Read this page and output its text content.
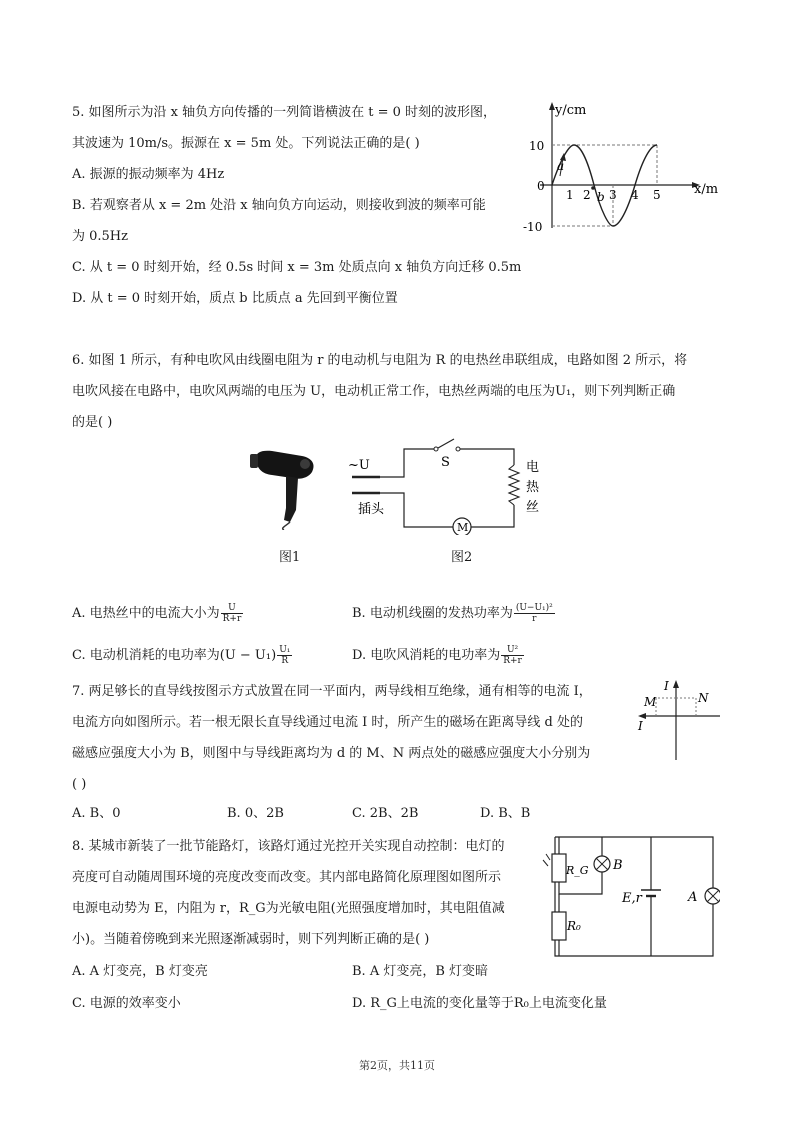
5. 如图所示为沿 x 轴负方向传播的一列简谐横波在 t = 0 时刻的波形图，
其波速为 10m/s。振源在 x = 5m 处。下列说法正确的是( )
A. 振源的振动频率为 4Hz
B. 若观察者从 x = 2m 处沿 x 轴向负方向运动，则接收到波的频率可能
为 0.5Hz
C. 从 t = 0 时刻开始，经 0.5s 时间 x = 3m 处质点向 x 轴负方向迁移 0.5m
D. 从 t = 0 时刻开始，质点 b 比质点 a 先回到平衡位置
y/cm
x/m
10
-10
0
1 2 3 4 5
a
b
6. 如图 1 所示，有种电吹风由线圈电阻为 r 的电动机与电阻为 R 的电热丝串联组成，电路如图 2 所示，将
电吹风接在电路中，电吹风两端的电压为 U，电动机正常工作，电热丝两端的电压为U₁，则下列判断正确
的是( )
图1
~U
插头
S	电
热
丝
M
图2
A. 电热丝中的电流大小为 $\frac{U}{R+r}$	B. 电动机线圈的发热功率为 $\frac{\text{(U−U₁)²}}{r}$
C. 电动机消耗的电功率为$(U - U_1) \frac{\text{U₁}}{R}$	D. 电吹风消耗的电功率为 $\frac{\text{U²}}{R+r}$
7. 两足够长的直导线按图示方式放置在同一平面内，两导线相互绝缘，通有相等的电流 I，
电流方向如图所示。若一根无限长直导线通过电流 I 时，所产生的磁场在距离导线 d 处的
磁感应强度大小为 B，则图中与导线距离均为 d 的 M、N 两点处的磁感应强度大小分别为
( )
I
I
M	N
A. B、0	B. 0、2B	C. 2B、2B	D. B、B
8. 某城市新装了一批节能路灯，该路灯通过光控开关实现自动控制：电灯的
亮度可自动随周围环境的亮度改变而改变。其内部电路简化原理图如图所示
电源电动势为 E，内阻为 r，R_G为光敏电阻(光照强度增加时，其电阻值减
小)。当随着傍晚到来光照逐渐减弱时，则下列判断正确的是( )
R_G B
R₀
E,r	A
A. A 灯变亮，B 灯变亮	B. A 灯变亮，B 灯变暗
C. 电源的效率变小	D. R_G上电流的变化量等于R₀上电流变化量
第2页，共11页
